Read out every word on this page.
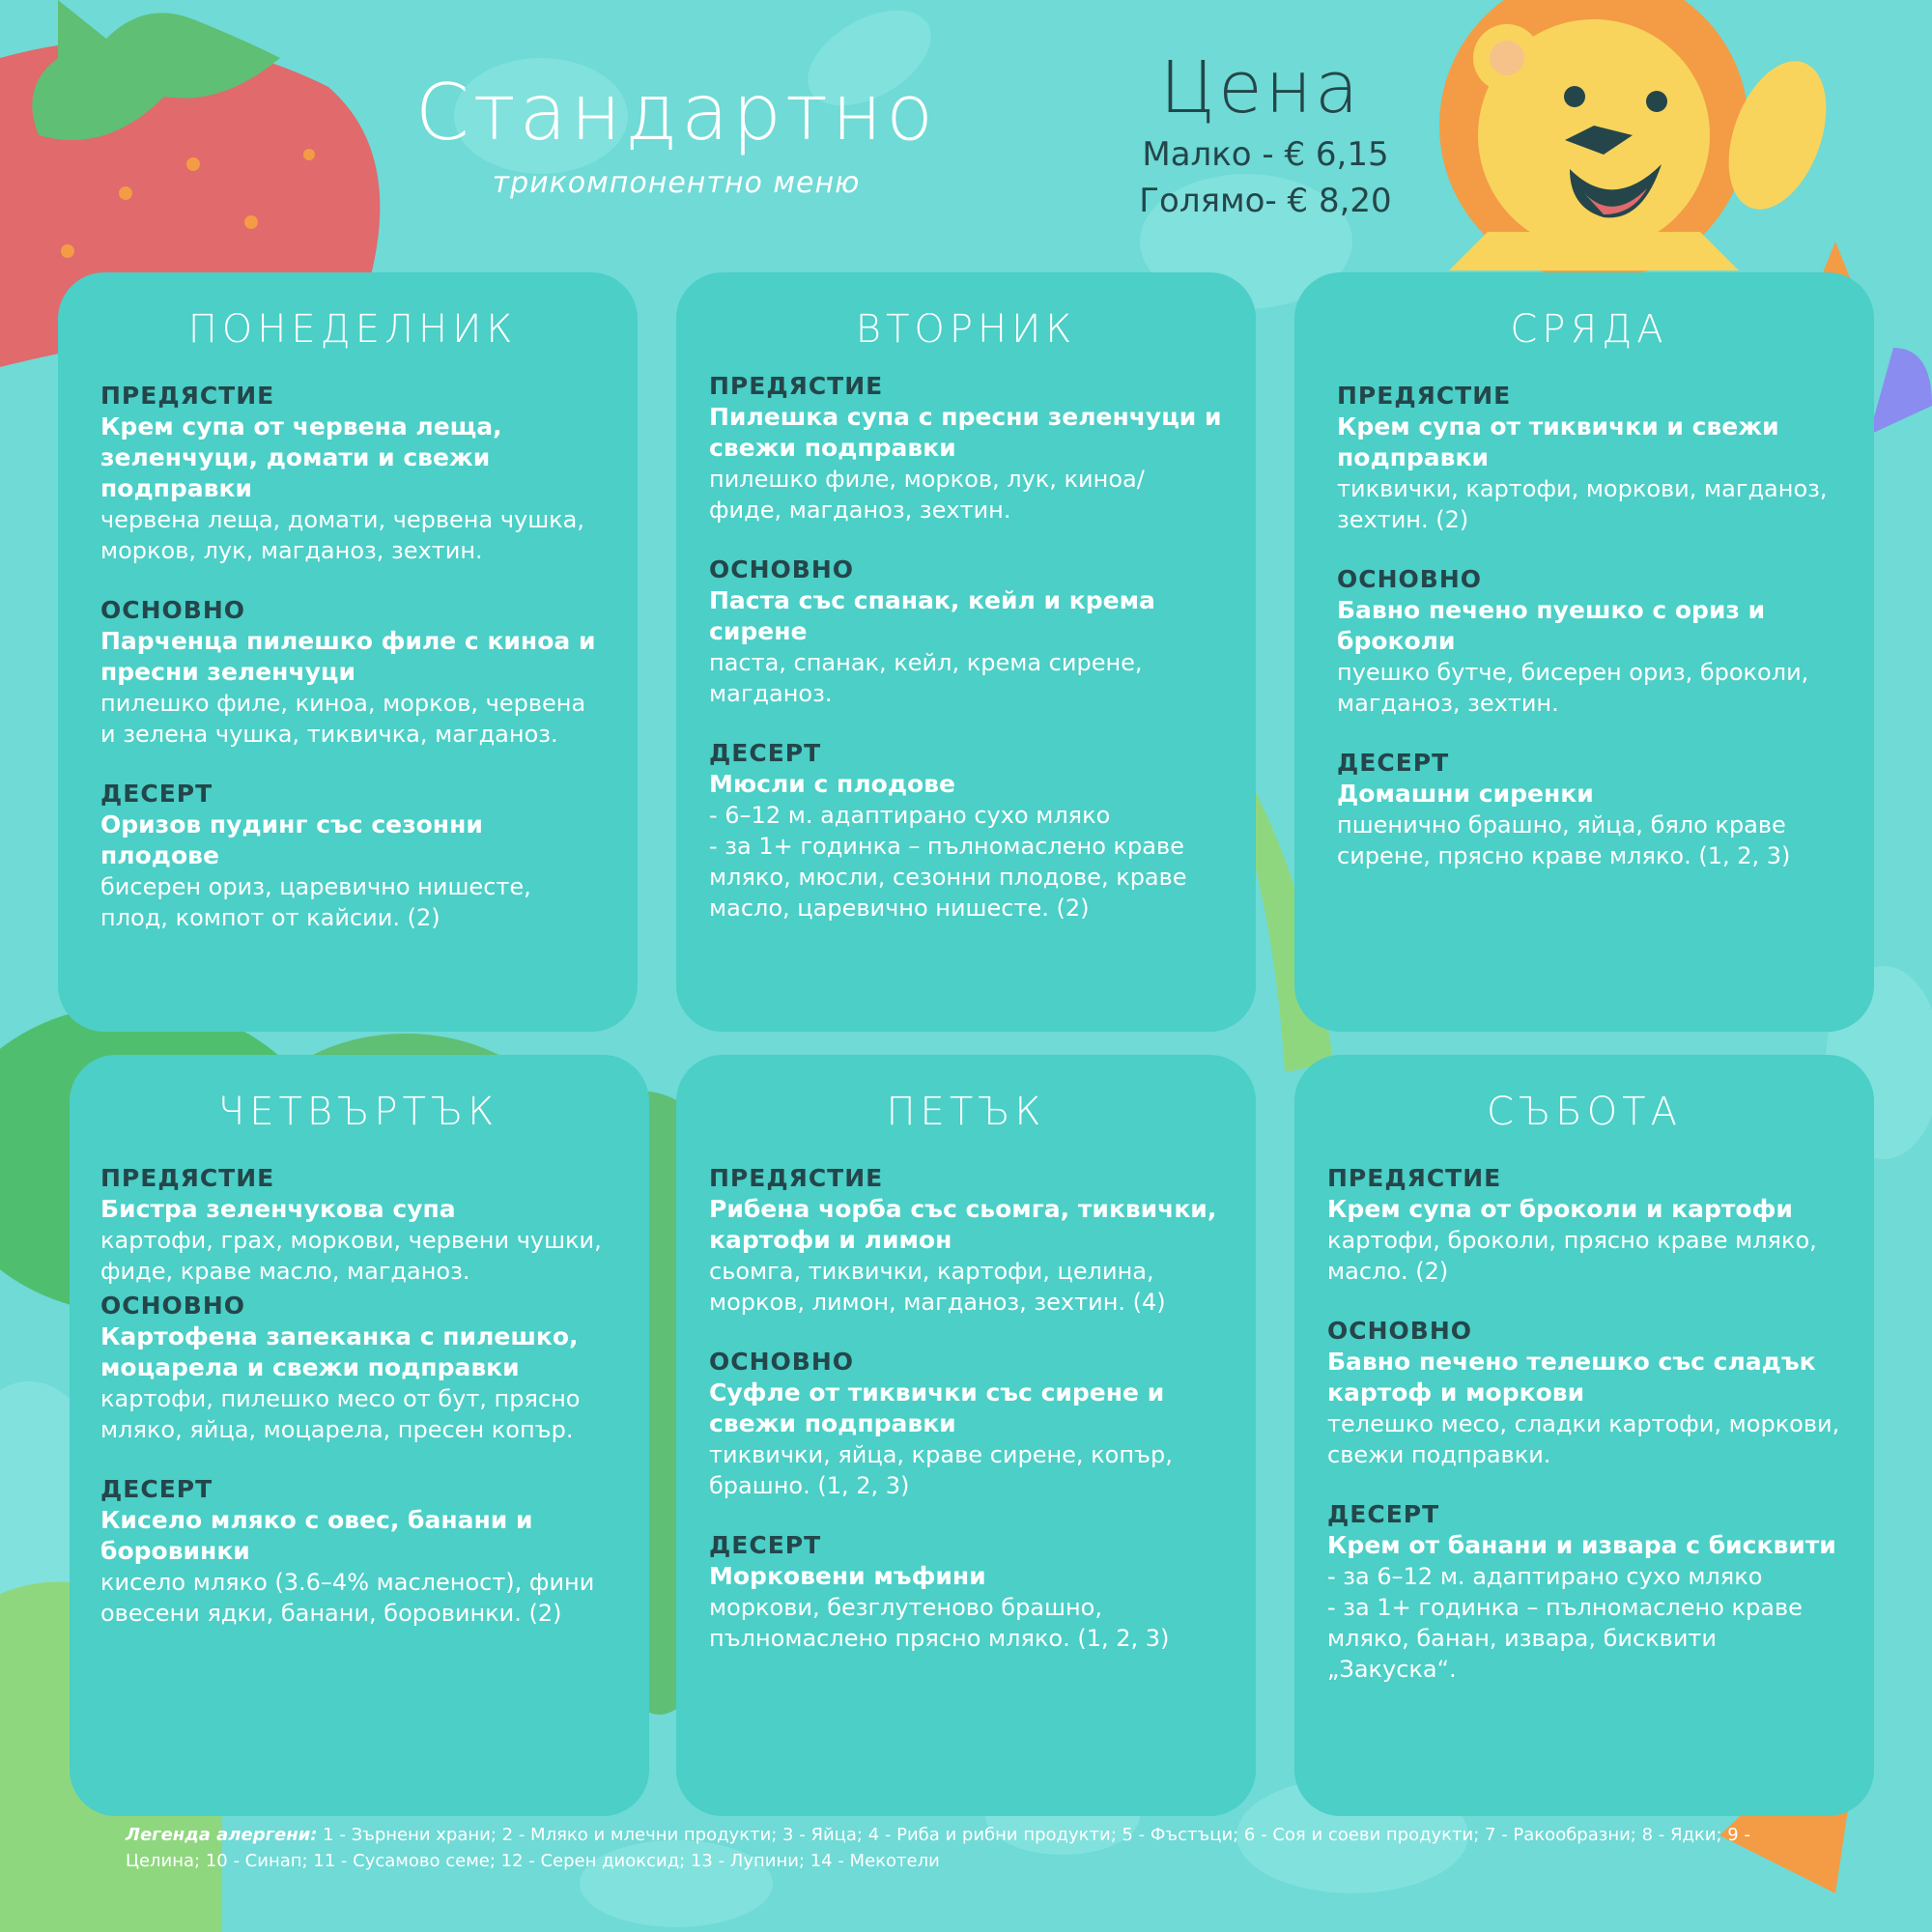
Стандартно
трикомпонентно меню
Цена
Малко - € 6,15
Голямо- € 8,20
ПОНЕДЕЛНИК
ПРЕДЯСТИЕ
Крем супа от червена леща, зеленчуци, домати и свежи подправки
червена леща, домати, червена чушка, морков, лук, магданоз, зехтин.
ОСНОВНО
Парченца пилешко филе с киноа и пресни зеленчуци
пилешко филе, киноа, морков, червена и зелена чушка, тиквичка, магданоз.
ДЕСЕРТ
Оризов пудинг със сезонни плодове
бисерен ориз, царевично нишесте, плод, компот от кайсии. (2)
ВТОРНИК
ПРЕДЯСТИЕ
Пилешка супа с пресни зеленчуци и свежи подправки
пилешко филе, морков, лук, киноа/ фиде, магданоз, зехтин.
ОСНОВНО
Паста със спанак, кейл и крема сирене
паста, спанак, кейл, крема сирене, магданоз.
ДЕСЕРТ
Мюсли с плодове
- 6–12 м. адаптирано сухо мляко
- за 1+ годинка – пълномаслено краве мляко, мюсли, сезонни плодове, краве масло, царевично нишесте. (2)
СРЯДА
ПРЕДЯСТИЕ
Крем супа от тиквички и свежи подправки
тиквички, картофи, моркови, магданоз, зехтин. (2)
ОСНОВНО
Бавно печено пуешко с ориз и броколи
пуешко бутче, бисерен ориз, броколи, магданоз, зехтин.
ДЕСЕРТ
Домашни сиренки
пшенично брашно, яйца, бяло краве сирене, прясно краве мляко. (1, 2, 3)
ЧЕТВЪРТЪК
ПРЕДЯСТИЕ
Бистра зеленчукова супа
картофи, грах, моркови, червени чушки, фиде, краве масло, магданоз.
ОСНОВНО
Картофена запеканка с пилешко, моцарела и свежи подправки
картофи, пилешко месо от бут, прясно мляко, яйца, моцарела, пресен копър.
ДЕСЕРТ
Кисело мляко с овес, банани и боровинки
кисело мляко (3.6–4% масленост), фини овесени ядки, банани, боровинки. (2)
ПЕТЪК
ПРЕДЯСТИЕ
Рибена чорба със сьомга, тиквички, картофи и лимон
сьомга, тиквички, картофи, целина, морков, лимон, магданоз, зехтин. (4)
ОСНОВНО
Суфле от тиквички със сирене и свежи подправки
тиквички, яйца, краве сирене, копър, брашно. (1, 2, 3)
ДЕСЕРТ
Морковени мъфини
моркови, безглутеново брашно, пълномаслено прясно мляко. (1, 2, 3)
СЪБОТА
ПРЕДЯСТИЕ
Крем супа от броколи и картофи
картофи, броколи, прясно краве мляко, масло. (2)
ОСНОВНО
Бавно печено телешко със сладък картоф и моркови
телешко месо, сладки картофи, моркови, свежи подправки.
ДЕСЕРТ
Крем от банани и извара с бисквити
- за 6–12 м. адаптирано сухо мляко
- за 1+ годинка – пълномаслено краве мляко, банан, извара, бисквити „Закуска“.
Легенда алергени: 1 - Зърнени храни; 2 - Мляко и млечни продукти; 3 - Яйца; 4 - Риба и рибни продукти; 5 - Фъстъци; 6 - Соя и соеви продукти; 7 - Ракообразни; 8 - Ядки; 9 - Целина; 10 - Синап; 11 - Сусамово семе; 12 - Серен диоксид; 13 - Лупини; 14 - Мекотели
